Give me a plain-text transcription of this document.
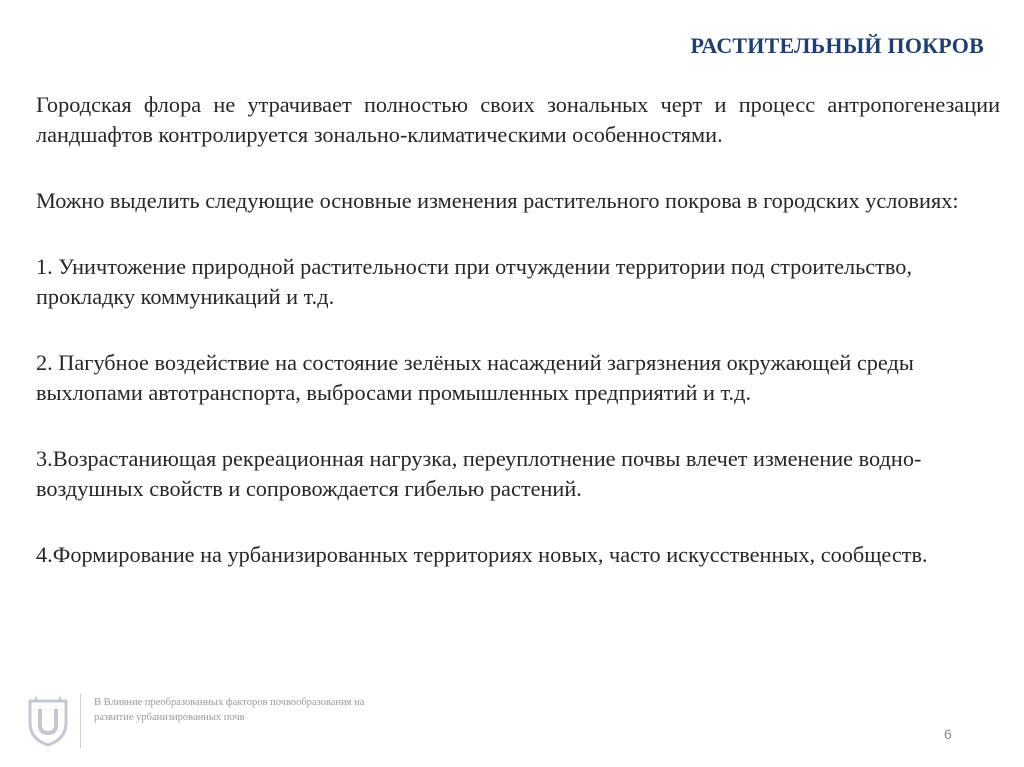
РАСТИТЕЛЬНЫЙ ПОКРОВ

Городская флора не утрачивает полностью своих зональных черт и процесс антропогенезации ландшафтов контролируется зонально-климатическими особенностями.

Можно выделить следующие основные изменения растительного покрова в городских условиях:

1. Уничтожение природной растительности при отчуждении территории под строительство, прокладку коммуникаций и т.д.

2. Пагубное воздействие на состояние зелёных насаждений загрязнения окружающей среды выхлопами автотранспорта, выбросами промышленных предприятий и т.д.

3.Возрастаниющая рекреационная нагрузка, переуплотнение почвы влечет изменение водно-воздушных свойств и сопровождается гибелью растений.

4.Формирование на урбанизированных территориях новых, часто искусственных, сообществ.

В Влияние преобразованных факторов почвообразования на развитие урбанизированных почв
6
